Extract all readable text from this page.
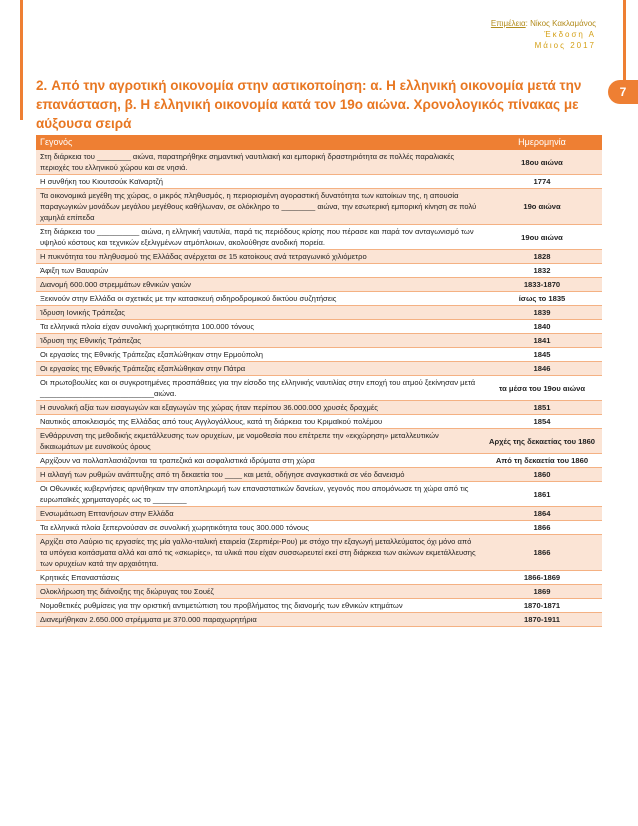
Επιμέλεια: Νίκος Κακλαμάνος
Έκδοση Α
Μάιος 2017
7
2. Από την αγροτική οικονομία στην αστικοποίηση: α. Η ελληνική οικονομία μετά την επανάσταση, β. Η ελληνική οικονομία κατά τον 19ο αιώνα. Χρονολογικός πίνακας με αύξουσα σειρά
Γεγονός	Ημερομηνία
Στη διάρκεια του ________ αιώνα, παρατηρήθηκε σημαντική ναυτιλιακή και εμπορική δραστηριότητα σε πολλές παραλιακές περιοχές του ελληνικού χώρου και σε νησιά.	18ου αιώνα
Η συνθήκη του Κιουτσούκ Καϊναρτζή	1774
Τα οικονομικά μεγέθη της χώρας, ο μικρός πληθυσμός, η περιορισμένη αγοραστική δυνατότητα των κατοίκων της, η απουσία παραγωγικών μονάδων μεγάλου μεγέθους καθήλωναν, σε ολόκληρο το ________ αιώνα, την εσωτερική εμπορική κίνηση σε πολύ χαμηλά επίπεδα	19ο αιώνα
Στη διάρκεια του __________ αιώνα, η ελληνική ναυτιλία, παρά τις περιόδους κρίσης που πέρασε και παρά τον ανταγωνισμό των υψηλού κόστους και τεχνικών εξελιγμένων ατμόπλοιων, ακολούθησε ανοδική πορεία.	19ου αιώνα
Η πυκνότητα του πληθυσμού της Ελλάδας ανέρχεται σε 15 κατοίκους ανά τετραγωνικό χιλιόμετρο	1828
Άφιξη των Βαυαρών	1832
Διανομή 600.000 στρεμμάτων εθνικών γαιών	1833-1870
Ξεκινούν στην Ελλάδα οι σχετικές με την κατασκευή σιδηροδρομικού δικτύου συζητήσεις	ίσως το 1835
Ίδρυση Ιονικής Τράπεζας	1839
Τα ελληνικά πλοία είχαν συνολική χωρητικότητα 100.000 τόνους	1840
Ίδρυση της Εθνικής Τράπεζας	1841
Οι εργασίες της Εθνικής Τράπεζας εξαπλώθηκαν στην Ερμούπολη	1845
Οι εργασίες της Εθνικής Τράπεζας εξαπλώθηκαν στην Πάτρα	1846
Οι πρωτοβουλίες και οι συγκροτημένες προσπάθειες για την είσοδο της ελληνικής ναυτιλίας στην εποχή του ατμού ξεκίνησαν μετά ___________________________αιώνα.	τα μέσα του 19ου αιώνα
Η συνολική αξία των εισαγωγών και εξαγωγών της χώρας ήταν περίπου 36.000.000 χρυσές δραχμές	1851
Ναυτικός αποκλεισμός της Ελλάδας από τους Αγγλογάλλους, κατά τη διάρκεια του Κριμαϊκού πολέμου	1854
Ενθάρρυνση της μεθοδικής εκμετάλλευσης των ορυχείων, με νομοθεσία που επέτρεπε την «εκχώρηση» μεταλλευτικών δικαιωμάτων με ευνοϊκούς όρους	Αρχές της δεκαετίας του 1860
Αρχίζουν να πολλαπλασιάζονται τα τραπεζικά και ασφαλιστικά ιδρύματα στη χώρα	Από τη δεκαετία του 1860
Η αλλαγή των ρυθμών ανάπτυξης από τη δεκαετία του ____ και μετά, οδήγησε αναγκαστικά σε νέο δανεισμό	1860
Οι Οθωνικές κυβερνήσεις αρνήθηκαν την αποπληρωμή των επαναστατικών δανείων, γεγονός που απομόνωσε τη χώρα από τις ευρωπαϊκές χρηματαγορές ως το ________	1861
Ενσωμάτωση Επτανήσων στην Ελλάδα	1864
Τα ελληνικά πλοία ξεπερνούσαν σε συνολική χωρητικότητα τους 300.000 τόνους	1866
Αρχίζει στο Λαύριο τις εργασίες της μία γαλλο-ιταλική εταιρεία (Σερπιέρι-Ρου) με στόχο την εξαγωγή μεταλλεύματος όχι μόνο από τα υπόγεια κοιτάσματα αλλά και από τις «σκωρίες», τα υλικά που είχαν συσσωρευτεί εκεί στη διάρκεια των αιώνων εκμετάλλευσης των ορυχείων κατά την αρχαιότητα.	1866
Κρητικές Επαναστάσεις	1866-1869
Ολοκλήρωση της διάνοιξης της διώρυγας του Σουέζ	1869
Νομοθετικές ρυθμίσεις για την οριστική αντιμετώπιση του προβλήματος της διανομής των εθνικών κτημάτων	1870-1871
Διανεμήθηκαν 2.650.000 στρέμματα με 370.000 παραχωρητήρια	1870-1911
